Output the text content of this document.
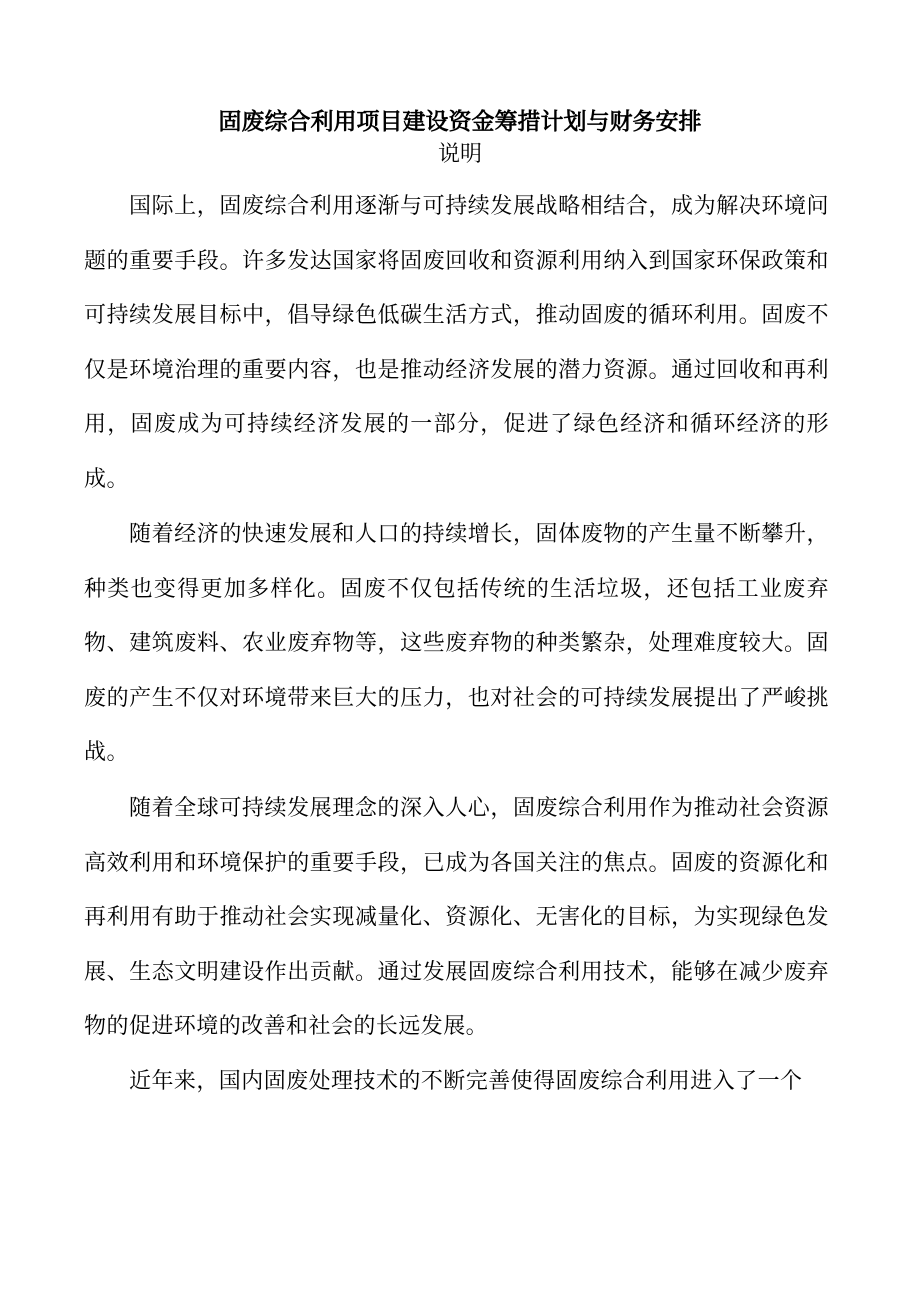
固废综合利用项目建设资金筹措计划与财务安排
说明

国际上，固废综合利用逐渐与可持续发展战略相结合，成为解决环境问题的重要手段。许多发达国家将固废回收和资源利用纳入到国家环保政策和可持续发展目标中，倡导绿色低碳生活方式，推动固废的循环利用。固废不仅是环境治理的重要内容，也是推动经济发展的潜力资源。通过回收和再利用，固废成为可持续经济发展的一部分，促进了绿色经济和循环经济的形成。

随着经济的快速发展和人口的持续增长，固体废物的产生量不断攀升，种类也变得更加多样化。固废不仅包括传统的生活垃圾，还包括工业废弃物、建筑废料、农业废弃物等，这些废弃物的种类繁杂，处理难度较大。固废的产生不仅对环境带来巨大的压力，也对社会的可持续发展提出了严峻挑战。

随着全球可持续发展理念的深入人心，固废综合利用作为推动社会资源高效利用和环境保护的重要手段，已成为各国关注的焦点。固废的资源化和再利用有助于推动社会实现减量化、资源化、无害化的目标，为实现绿色发展、生态文明建设作出贡献。通过发展固废综合利用技术，能够在减少废弃物的促进环境的改善和社会的长远发展。

近年来，国内固废处理技术的不断完善使得固废综合利用进入了一个
